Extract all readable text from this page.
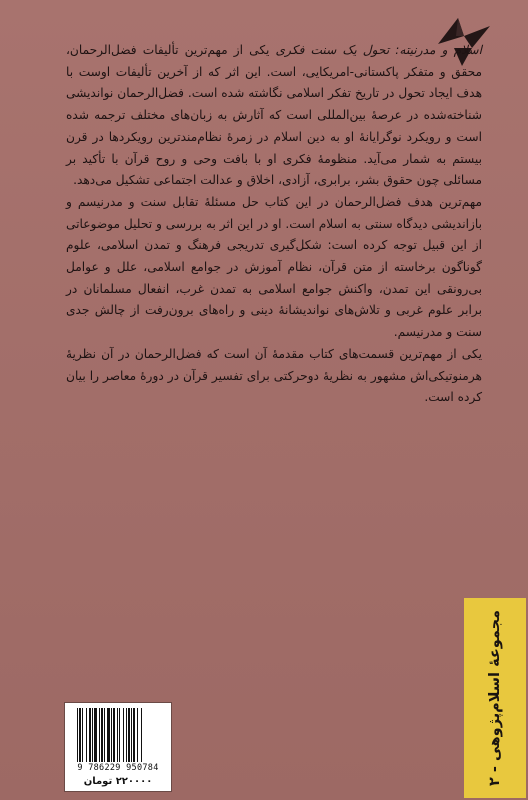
اسلام و مدرنیته: تحول یک سنت فکری یکی از مهم‌ترین تألیفات فضل‌الرحمان، محقق و متفکر پاکستانی-امریکایی، است. این اثر که از آخرین تألیفات اوست با هدف ایجاد تحول در تاریخ تفکر اسلامی نگاشته شده است. فضل‌الرحمان نواندیشی شناخته‌شده در عرصهٔ بین‌المللی است که آثارش به زبان‌های مختلف ترجمه شده است و رویکرد نوگرایانهٔ او به دین اسلام در زمرهٔ نظام‌مندترین رویکردها در قرن بیستم به شمار می‌آید. منظومهٔ فکری او با بافت وحی و روح قرآن با تأکید بر مسائلی چون حقوق بشر، برابری، آزادی، اخلاق و عدالت اجتماعی تشکیل می‌دهد.

مهم‌ترین هدف فضل‌الرحمان در این کتاب حل مسئلهٔ تقابل سنت و مدرنیسم و بازاندیشی دیدگاه سنتی به اسلام است. او در این اثر به بررسی و تحلیل موضوعاتی از این قبیل توجه کرده است: شکل‌گیری تدریجی فرهنگ و تمدن اسلامی، علوم گوناگون برخاسته از متن قرآن، نظام آموزش در جوامع اسلامی، علل و عوامل بی‌رونقی این تمدن، واکنش جوامع اسلامی به تمدن غرب، انفعال مسلمانان در برابر علوم غربی و تلاش‌های نواندیشانهٔ دینی و راه‌های برون‌رفت از چالش جدی سنت و مدرنیسم.

یکی از مهم‌ترین قسمت‌های کتاب مقدمهٔ آن است که فضل‌الرحمان در آن نظریهٔ هرمنوتیکی‌اش مشهور به نظریهٔ دوحرکتی برای تفسیر قرآن در دورهٔ معاصر را بیان کرده است.

مجموعهٔ اسلام‌پژوهی - ۲
9 786229 950784
۲۲۰۰۰۰ تومان
